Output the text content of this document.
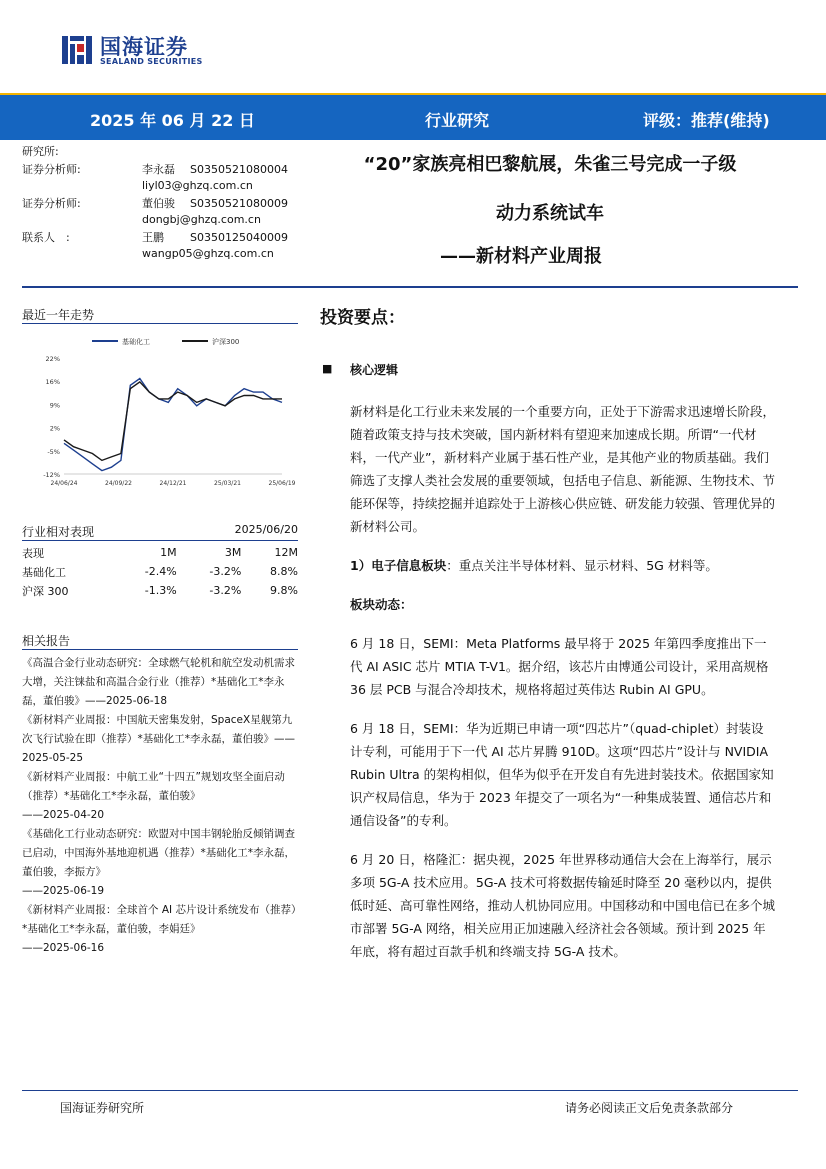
国海证券
SEALAND SECURITIES
2025 年 06 月 22 日	行业研究	评级：推荐(维持)
研究所:
证券分析师:	李永磊 S0350521080004
liyl03@ghzq.com.cn
证券分析师:	董伯骏 S0350521080009
dongbj@ghzq.com.cn
联系人　:	王鹏 S0350125040009
wangp05@ghzq.com.cn
“20”家族亮相巴黎航展，朱雀三号完成一子级
动力系统试车
——新材料产业周报
最近一年走势
基础化工	沪深300
22%
16%
9%
2%
-5%
-12%
24/06/24	24/09/22	24/12/21	25/03/21	25/06/19
行业相对表现	2025/06/20
表现	1M	3M	12M
基础化工	-2.4%	-3.2%	8.8%
沪深 300	-1.3%	-3.2%	9.8%
相关报告
《高温合金行业动态研究：全球燃气轮机和航空发动机需求大增，关注铼盐和高温合金行业（推荐）*基础化工*李永磊，董伯骏》——2025-06-18
《新材料产业周报：中国航天密集发射，SpaceX星舰第九次飞行试验在即（推荐）*基础化工*李永磊，董伯骏》——2025-05-25
《新材料产业周报：中航工业“十四五”规划攻坚全面启动（推荐）*基础化工*李永磊，董伯骏》
——2025-04-20
《基础化工行业动态研究：欧盟对中国丰钢轮胎反倾销调查已启动，中国海外基地迎机遇（推荐）*基础化工*李永磊，董伯骏，李振方》
——2025-06-19
《新材料产业周报：全球首个 AI 芯片设计系统发布（推荐）*基础化工*李永磊，董伯骏，李娟廷》
——2025-06-16
投资要点：
■ 核心逻辑

新材料是化工行业未来发展的一个重要方向，正处于下游需求迅速增长阶段，随着政策支持与技术突破，国内新材料有望迎来加速成长期。所谓“一代材料，一代产业”，新材料产业属于基石性产业，是其他产业的物质基础。我们筛选了支撑人类社会发展的重要领域，包括电子信息、新能源、生物技术、节能环保等，持续挖掘并追踪处于上游核心供应链、研发能力较强、管理优异的新材料公司。

1）电子信息板块：重点关注半导体材料、显示材料、5G 材料等。

板块动态：

6 月 18 日，SEMI：Meta Platforms 最早将于 2025 年第四季度推出下一代 AI ASIC 芯片 MTIA T-V1。据介绍，该芯片由博通公司设计，采用高规格 36 层 PCB 与混合冷却技术，规格将超过英伟达 Rubin AI GPU。

6 月 18 日，SEMI：华为近期已申请一项“四芯片”（quad-chiplet）封装设计专利，可能用于下一代 AI 芯片昇腾 910D。这项“四芯片”设计与 NVIDIA Rubin Ultra 的架构相似，但华为似乎在开发自有先进封装技术。依据国家知识产权局信息，华为于 2023 年提交了一项名为“一种集成装置、通信芯片和通信设备”的专利。

6 月 20 日，格隆汇：据央视，2025 年世界移动通信大会在上海举行，展示多项 5G-A 技术应用。5G-A 技术可将数据传输延时降至 20 毫秒以内，提供低时延、高可靠性网络，推动人机协同应用。中国移动和中国电信已在多个城市部署 5G-A 网络，相关应用正加速融入经济社会各领域。预计到 2025 年年底，将有超过百款手机和终端支持 5G-A 技术。

国海证券研究所	请务必阅读正文后免责条款部分
